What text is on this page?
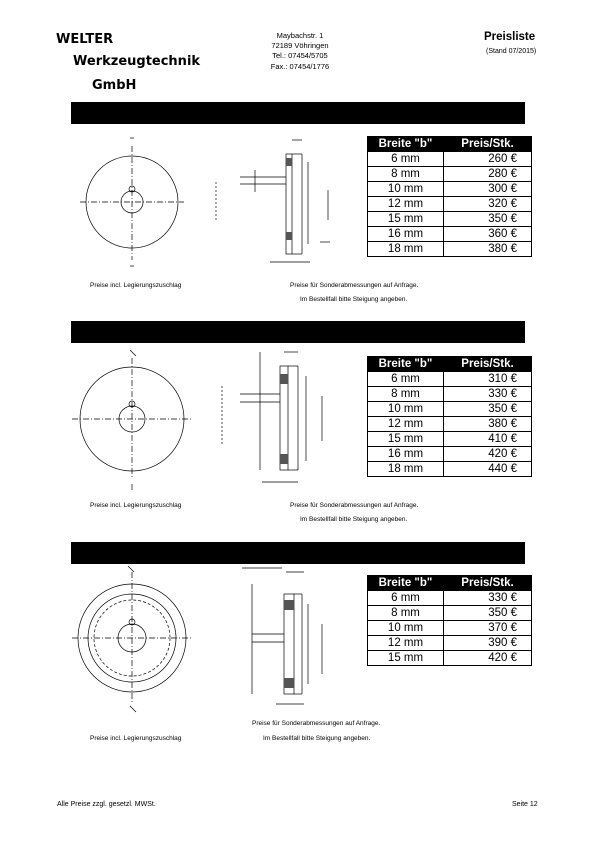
WELTER
Werkzeugtechnik
GmbH
Maybachstr. 1
72189 Vöhringen
Tel.: 07454/5705
Fax.: 07454/1776
Preisliste
(Stand 07/2015)
Breite "b"	Preis/Stk.
6 mm	260 €
8 mm	280 €
10 mm	300 €
12 mm	320 €
15 mm	350 €
16 mm	360 €
18 mm	380 €
Preise incl. Legierungszuschlag	Preise für Sonderabmessungen auf Anfrage.
Im Bestellfall bitte Steigung angeben.
Breite "b"	Preis/Stk.
6 mm	310 €
8 mm	330 €
10 mm	350 €
12 mm	380 €
15 mm	410 €
16 mm	420 €
18 mm	440 €
Preise incl. Legierungszuschlag	Preise für Sonderabmessungen auf Anfrage.
Im Bestellfall bitte Steigung angeben.
Breite "b"	Preis/Stk.
6 mm	330 €
8 mm	350 €
10 mm	370 €
12 mm	390 €
15 mm	420 €
Preise für Sonderabmessungen auf Anfrage.
Preise incl. Legierungszuschlag	Im Bestellfall bitte Steigung angeben.
Alle Preise zzgl. gesetzl. MWSt.	Seite 12
